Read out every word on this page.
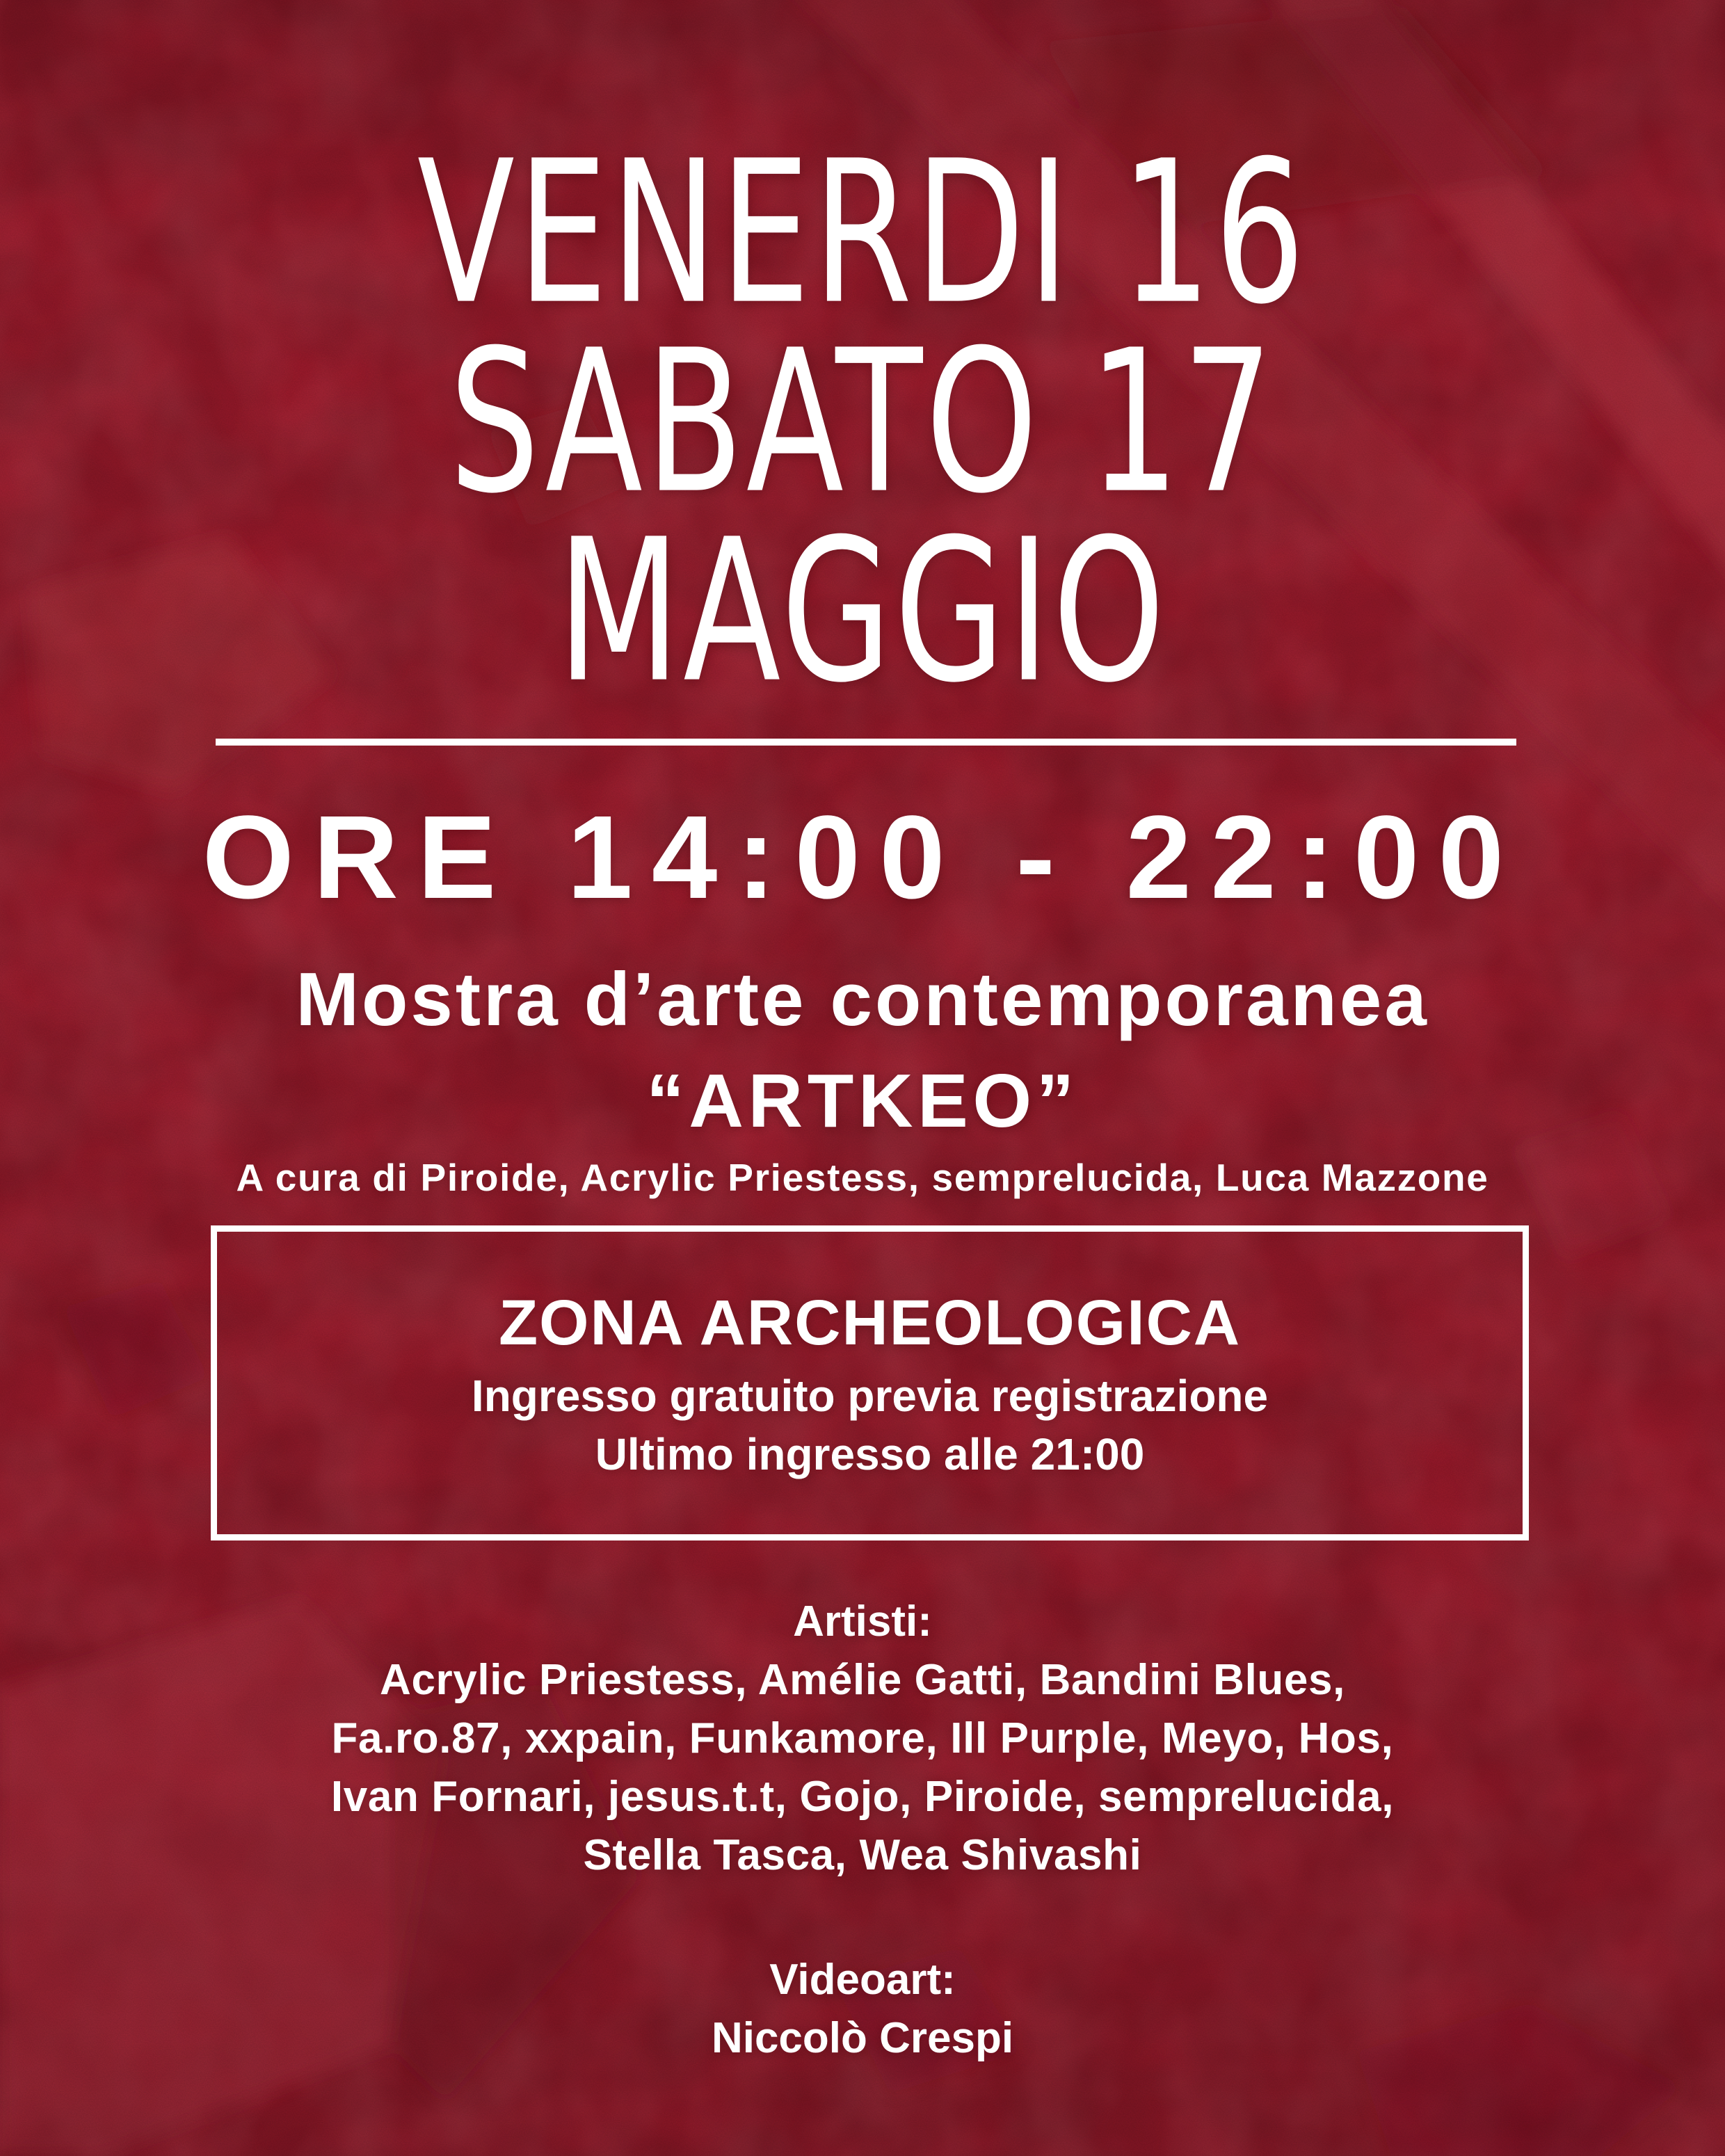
VENERDI 16
SABATO 17
MAGGIO
ORE 14:00 - 22:00
Mostra d’arte contemporanea
“ARTKEO”
A cura di Piroide, Acrylic Priestess, semprelucida, Luca Mazzone
ZONA ARCHEOLOGICA
Ingresso gratuito previa registrazione
Ultimo ingresso alle 21:00
Artisti:
Acrylic Priestess, Amélie Gatti, Bandini Blues,
Fa.ro.87, xxpain, Funkamore, Ill Purple, Meyo, Hos,
Ivan Fornari, jesus.t.t, Gojo, Piroide, semprelucida,
Stella Tasca, Wea Shivashi
Videoart:
Niccolò Crespi
